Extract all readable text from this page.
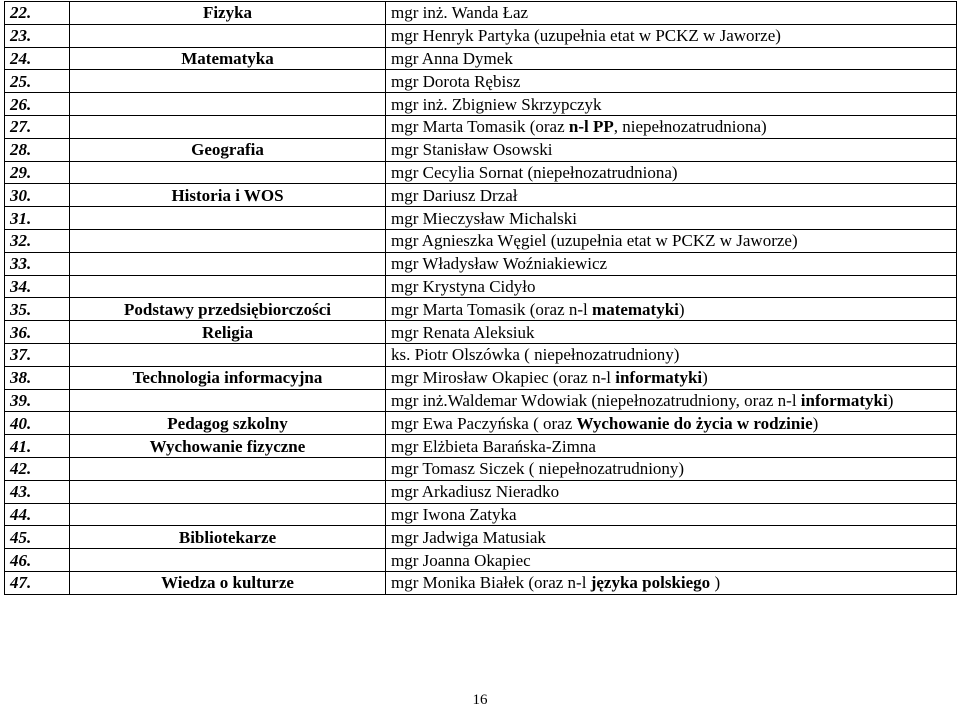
22.	Fizyka	mgr inż. Wanda Łaz
23.		mgr Henryk Partyka (uzupełnia etat w PCKZ w Jaworze)
24.	Matematyka	mgr Anna Dymek
25.		mgr Dorota Rębisz
26.		mgr inż. Zbigniew Skrzypczyk
27.		mgr Marta Tomasik (oraz n-l PP, niepełnozatrudniona)
28.	Geografia	mgr Stanisław Osowski
29.		mgr Cecylia Sornat (niepełnozatrudniona)
30.	Historia i WOS	mgr Dariusz Drzał
31.		mgr Mieczysław Michalski
32.		mgr Agnieszka Węgiel (uzupełnia etat w PCKZ w Jaworze)
33.		mgr Władysław Woźniakiewicz
34.		mgr Krystyna Cidyło
35.	Podstawy przedsiębiorczości	mgr Marta Tomasik (oraz n-l matematyki)
36.	Religia	mgr Renata Aleksiuk
37.		ks. Piotr Olszówka ( niepełnozatrudniony)
38.	Technologia informacyjna	mgr Mirosław Okapiec (oraz n-l informatyki)
39.		mgr inż.Waldemar Wdowiak (niepełnozatrudniony, oraz n-l informatyki)
40.	Pedagog szkolny	mgr Ewa Paczyńska ( oraz Wychowanie do życia w rodzinie)
41.	Wychowanie fizyczne	mgr Elżbieta Barańska-Zimna
42.		mgr Tomasz Siczek ( niepełnozatrudniony)
43.		mgr Arkadiusz Nieradko
44.		mgr Iwona Zatyka
45.	Bibliotekarze	mgr Jadwiga Matusiak
46.		mgr Joanna Okapiec
47.	Wiedza o kulturze	mgr Monika Białek (oraz n-l języka polskiego )
16
